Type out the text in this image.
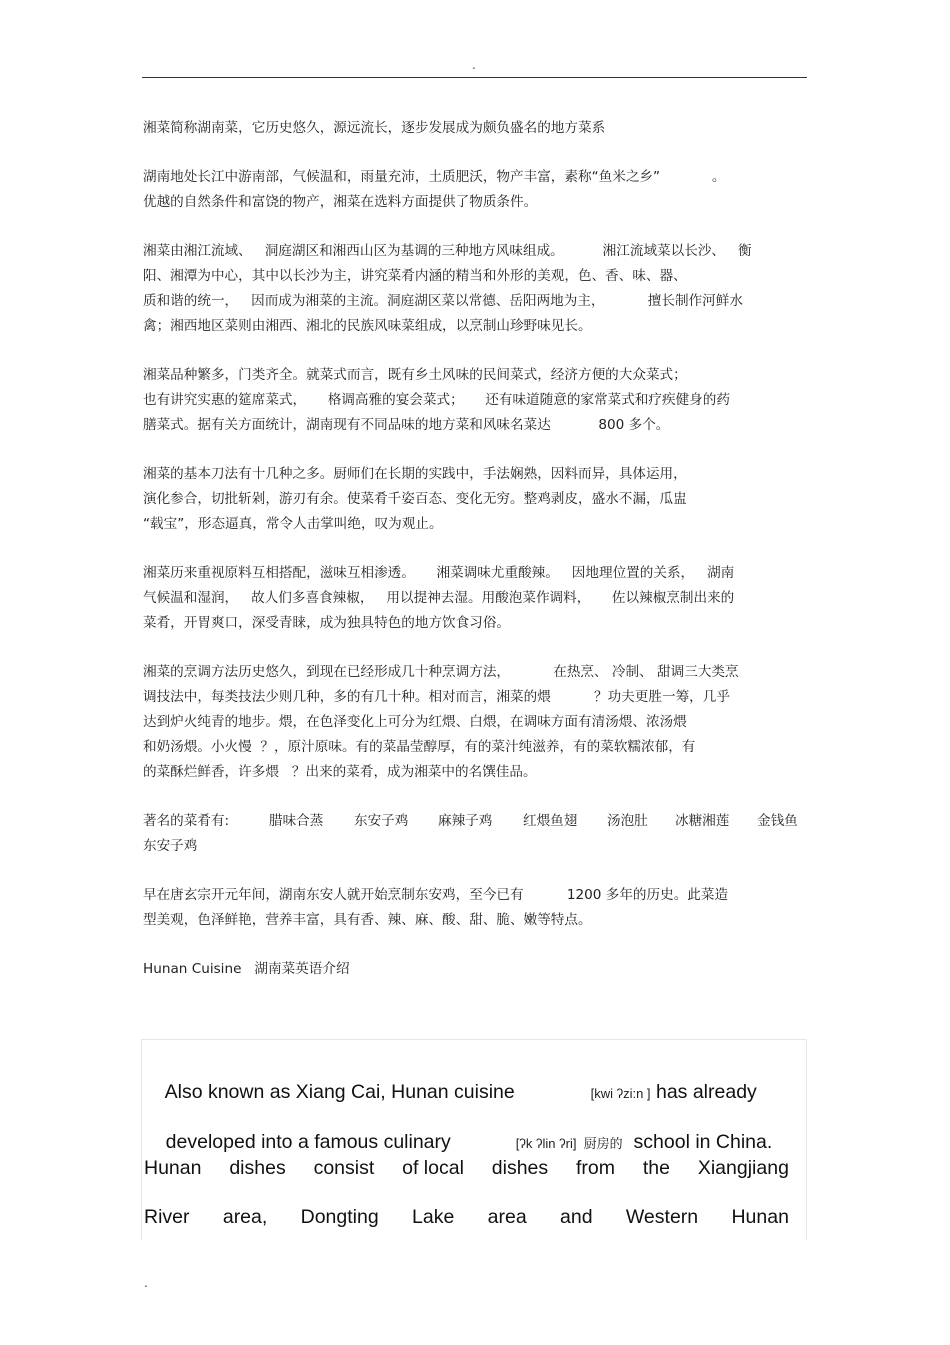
.
湘菜简称湖南菜，它历史悠久，源远流长，逐步发展成为颇负盛名的地方菜系
湖南地处长江中游南部，气候温和，雨量充沛，土质肥沃，物产丰富，素称“鱼米之乡”            。
优越的自然条件和富饶的物产，湘菜在选料方面提供了物质条件。
湘菜由湘江流域、   洞庭湖区和湘西山区为基调的三种地方风味组成。         湘江流域菜以长沙、   衡
阳、湘潭为中心，其中以长沙为主，讲究菜肴内涵的精当和外形的美观，色、香、味、器、
质和谐的统一，   因而成为湘菜的主流。洞庭湖区菜以常德、岳阳两地为主，          擅长制作河鲜水
禽；湘西地区菜则由湘西、湘北的民族风味菜组成，以烹制山珍野味见长。
湘菜品种繁多，门类齐全。就菜式而言，既有乡土风味的民间菜式，经济方便的大众菜式；
也有讲究实惠的筵席菜式，     格调高雅的宴会菜式；     还有味道随意的家常菜式和疗疾健身的药
膳菜式。据有关方面统计，湖南现有不同品味的地方菜和风味名菜达           800 多个。
湘菜的基本刀法有十几种之多。厨师们在长期的实践中，手法娴熟，因料而异，具体运用，
演化参合，切批斩剁，游刃有余。使菜肴千姿百态、变化无穷。整鸡剥皮，盛水不漏，瓜盅
“载宝”，形态逼真，常令人击掌叫绝，叹为观止。
湘菜历来重视原料互相搭配，滋味互相渗透。     湘菜调味尤重酸辣。   因地理位置的关系，   湖南
气候温和湿润，   故人们多喜食辣椒，   用以提神去湿。用酸泡菜作调料，     佐以辣椒烹制出来的
菜肴，开胃爽口，深受青睐，成为独具特色的地方饮食习俗。
湘菜的烹调方法历史悠久，到现在已经形成几十种烹调方法，          在热烹、 冷制、 甜调三大类烹
调技法中，每类技法少则几种，多的有几十种。相对而言，湘菜的煨          ？功夫更胜一筹，几乎
达到炉火纯青的地步。煨，在色泽变化上可分为红煨、白煨，在调味方面有清汤煨、浓汤煨
和奶汤煨。小火慢  ？，原汁原味。有的菜晶莹醇厚，有的菜汁纯滋养，有的菜软糯浓郁，有
的菜酥烂鲜香，许多煨   ？出来的菜肴，成为湘菜中的名馔佳品。
著名的菜肴有:	腊味合蒸	东安子鸡	麻辣子鸡	红煨鱼翅	汤泡肚	冰糖湘莲	金钱鱼
东安子鸡
早在唐玄宗开元年间，湖南东安人就开始烹制东安鸡，至今已有          1200 多年的历史。此菜造
型美观，色泽鲜艳，营养丰富，具有香、辣、麻、酸、甜、脆、嫩等特点。
Hunan Cuisine   湖南菜英语介绍

Also known as Xiang Cai, Hunan cuisine	[kwi ʔzi:n ] has already

developed into a famous culinary	[ʔk ʔlin ʔri]  厨房的 school in China.

Hunan dishes consist of local dishes from the Xiangjiang
River area, Dongting Lake area and Western Hunan
.
